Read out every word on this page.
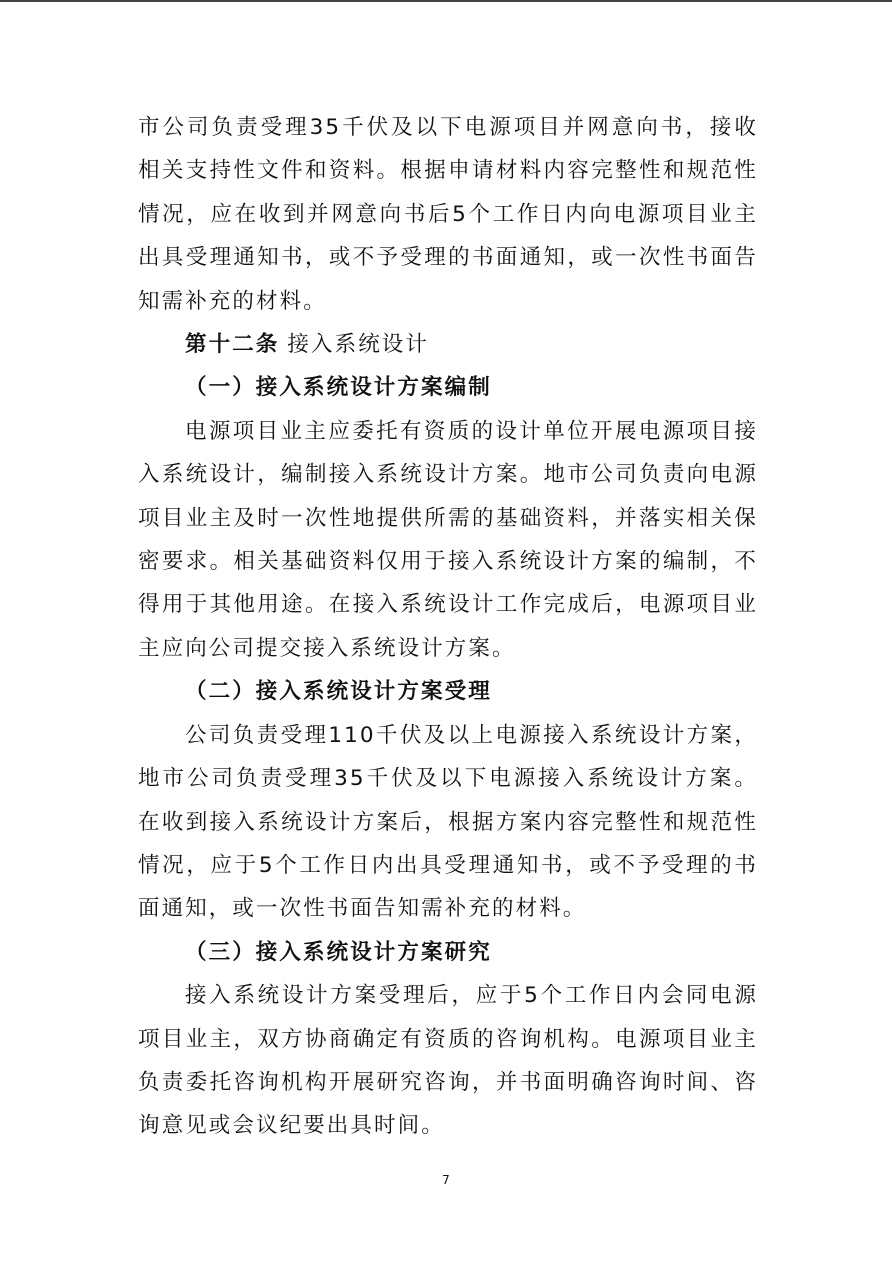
市公司负责受理35千伏及以下电源项目并网意向书，接收相关支持性文件和资料。根据申请材料内容完整性和规范性情况，应在收到并网意向书后5个工作日内向电源项目业主出具受理通知书，或不予受理的书面通知，或一次性书面告知需补充的材料。

第十二条 接入系统设计

（一）接入系统设计方案编制

电源项目业主应委托有资质的设计单位开展电源项目接入系统设计，编制接入系统设计方案。地市公司负责向电源项目业主及时一次性地提供所需的基础资料，并落实相关保密要求。相关基础资料仅用于接入系统设计方案的编制，不得用于其他用途。在接入系统设计工作完成后，电源项目业主应向公司提交接入系统设计方案。

（二）接入系统设计方案受理

公司负责受理110千伏及以上电源接入系统设计方案，地市公司负责受理35千伏及以下电源接入系统设计方案。在收到接入系统设计方案后，根据方案内容完整性和规范性情况，应于5个工作日内出具受理通知书，或不予受理的书面通知，或一次性书面告知需补充的材料。

（三）接入系统设计方案研究

接入系统设计方案受理后，应于5个工作日内会同电源项目业主，双方协商确定有资质的咨询机构。电源项目业主负责委托咨询机构开展研究咨询，并书面明确咨询时间、咨询意见或会议纪要出具时间。

7
